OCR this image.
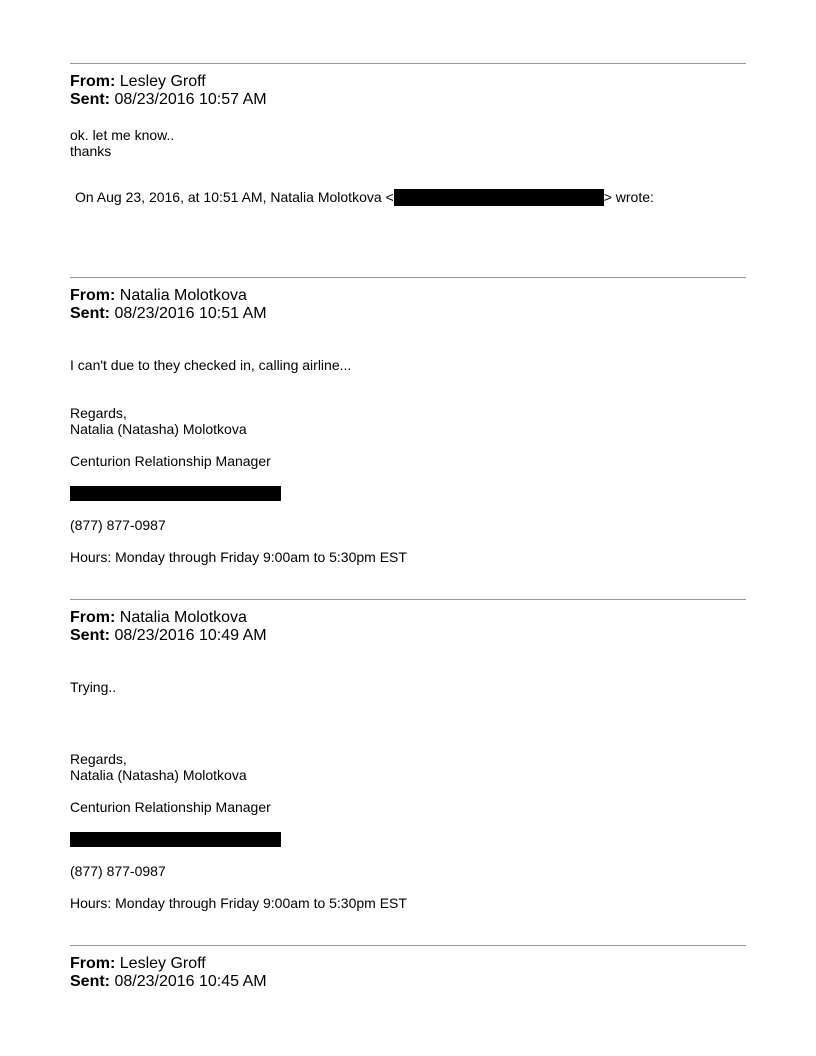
From: Lesley Groff
Sent: 08/23/2016 10:57 AM
ok. let me know..
thanks
On Aug 23, 2016, at 10:51 AM, Natalia Molotkova <	> wrote:
From: Natalia Molotkova
Sent: 08/23/2016 10:51 AM
I can't due to they checked in, calling airline...
Regards,
Natalia (Natasha) Molotkova
Centurion Relationship Manager
(877) 877-0987
Hours: Monday through Friday 9:00am to 5:30pm EST
From: Natalia Molotkova
Sent: 08/23/2016 10:49 AM
Trying..
Regards,
Natalia (Natasha) Molotkova
Centurion Relationship Manager
(877) 877-0987
Hours: Monday through Friday 9:00am to 5:30pm EST
From: Lesley Groff
Sent: 08/23/2016 10:45 AM
